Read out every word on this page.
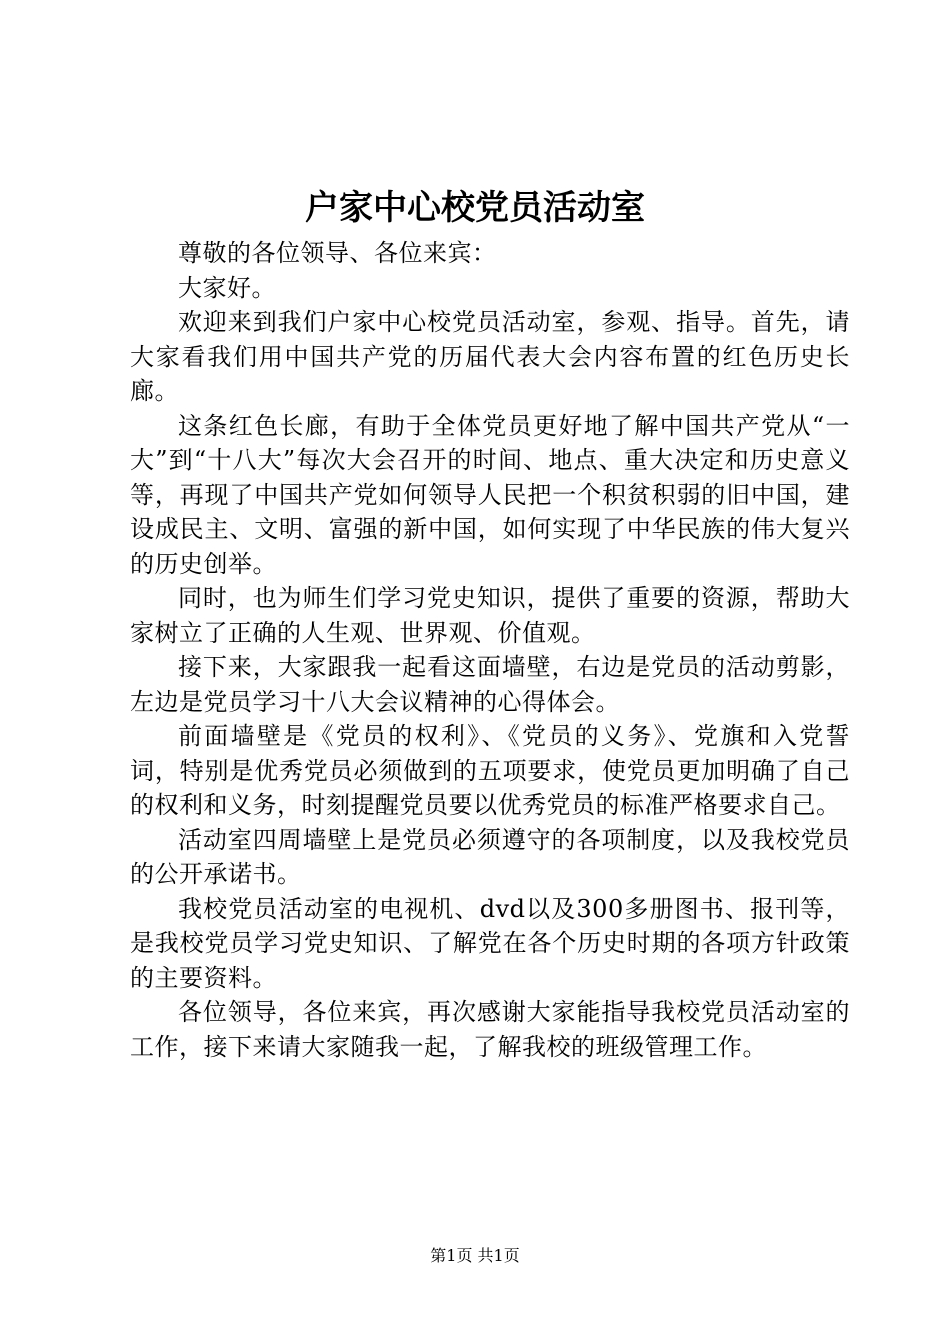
户家中心校党员活动室

尊敬的各位领导、各位来宾：

大家好。

欢迎来到我们户家中心校党员活动室，参观、指导。首先，请大家看我们用中国共产党的历届代表大会内容布置的红色历史长廊。

这条红色长廊，有助于全体党员更好地了解中国共产党从“一大”到“十八大”每次大会召开的时间、地点、重大决定和历史意义等，再现了中国共产党如何领导人民把一个积贫积弱的旧中国，建设成民主、文明、富强的新中国，如何实现了中华民族的伟大复兴的历史创举。

同时，也为师生们学习党史知识，提供了重要的资源，帮助大家树立了正确的人生观、世界观、价值观。

接下来，大家跟我一起看这面墙壁，右边是党员的活动剪影，左边是党员学习十八大会议精神的心得体会。

前面墙壁是《党员的权利》、《党员的义务》、党旗和入党誓词，特别是优秀党员必须做到的五项要求，使党员更加明确了自己的权利和义务，时刻提醒党员要以优秀党员的标准严格要求自己。

活动室四周墙壁上是党员必须遵守的各项制度，以及我校党员的公开承诺书。

我校党员活动室的电视机、dvd以及300多册图书、报刊等，是我校党员学习党史知识、了解党在各个历史时期的各项方针政策的主要资料。

各位领导，各位来宾，再次感谢大家能指导我校党员活动室的工作，接下来请大家随我一起，了解我校的班级管理工作。

第1页 共1页
